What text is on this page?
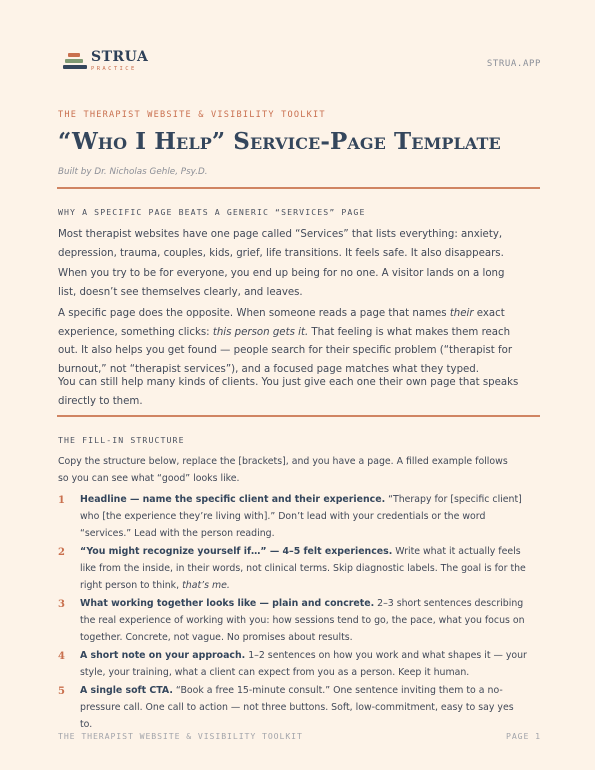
STRUA
PRACTICE	STRUA.APP
THE THERAPIST WEBSITE & VISIBILITY TOOLKIT
“Who I Help” Service-Page Template
Built by Dr. Nicholas Gehle, Psy.D.
WHY A SPECIFIC PAGE BEATS A GENERIC “SERVICES” PAGE

Most therapist websites have one page called “Services” that lists everything: anxiety, depression, trauma, couples, kids, grief, life transitions. It feels safe. It also disappears.

When you try to be for everyone, you end up being for no one. A visitor lands on a long list, doesn’t see themselves clearly, and leaves.

A specific page does the opposite. When someone reads a page that names their exact experience, something clicks: this person gets it. That feeling is what makes them reach out. It also helps you get found — people search for their specific problem (“therapist for burnout,” not “therapist services”), and a focused page matches what they typed.

You can still help many kinds of clients. You just give each one their own page that speaks directly to them.

THE FILL-IN STRUCTURE

Copy the structure below, replace the [brackets], and you have a page. A filled example follows so you can see what “good” looks like.

1 Headline — name the specific client and their experience. “Therapy for [specific client] who [the experience they’re living with].” Don’t lead with your credentials or the word “services.” Lead with the person reading.
2 “You might recognize yourself if…” — 4–5 felt experiences. Write what it actually feels like from the inside, in their words, not clinical terms. Skip diagnostic labels. The goal is for the right person to think, that’s me.
3 What working together looks like — plain and concrete. 2–3 short sentences describing the real experience of working with you: how sessions tend to go, the pace, what you focus on together. Concrete, not vague. No promises about results.
4 A short note on your approach. 1–2 sentences on how you work and what shapes it — your style, your training, what a client can expect from you as a person. Keep it human.
5 A single soft CTA. “Book a free 15-minute consult.” One sentence inviting them to a no-pressure call. One call to action — not three buttons. Soft, low-commitment, easy to say yes to.
THE THERAPIST WEBSITE & VISIBILITY TOOLKIT	PAGE 1
